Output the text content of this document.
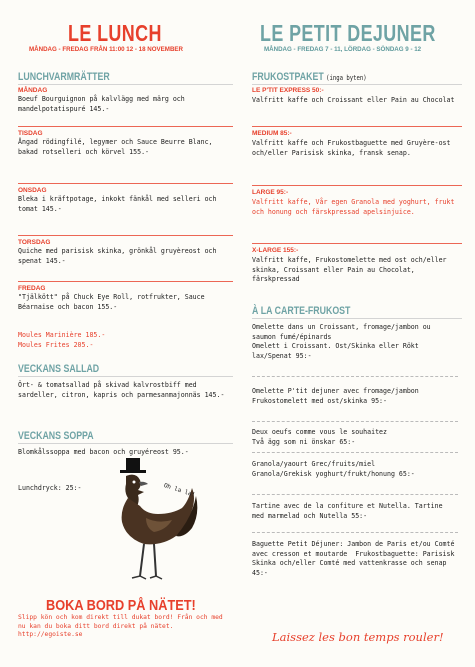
LE LUNCH
MÅNDAG - FREDAG FRÅN 11:00 12 - 18 NOVEMBER
LUNCHVARMRÄTTER
MÅNDAG
Boeuf Bourguignon på kalvlägg med märg och mandelpotatispuré 145.-
TISDAG
Ångad rödingfilé, legymer och Sauce Beurre Blanc, bakad rotselleri och körvel 155.-
ONSDAG
Bleka i kräftpotage, inkokt fänkål med selleri och tomat 145.-
TORSDAG
Quiche med parisisk skinka, grönkål gruyèreost och spenat 145.-
FREDAG
"Tjälkött" på Chuck Eye Roll, rotfrukter, Sauce Béarnaise och bacon 155.-
Moules Marinière 185.-
Moules Frites 205.-
VECKANS SALLAD
Ört- & tomatsallad på skivad kalvrostbiff med sardeller, citron, kapris och parmesanmajonnäs 145.-
VECKANS SOPPA
Blomkålssoppa med bacon och gruyéreost 95.-
Lunchdryck: 25:-	Oh la la!
BOKA BORD PÅ NÄTET!
Slipp kön och kom direkt till dukat bord! Från och med nu kan du boka ditt bord direkt på nätet. http://egoiste.se
LE PETIT DEJUNER
MÅNDAG - FREDAG 7 - 11, LÖRDAG - SÖNDAG 9 - 12
FRUKOSTPAKET (inga byten)
LE P'TIT EXPRESS 50:-
Valfritt kaffe och Croissant eller Pain au Chocolat
MEDIUM 85:-
Valfritt kaffe och Frukostbaguette med Gruyère-ost och/eller Parisisk skinka, fransk senap.
LARGE 95:-
Valfritt kaffe, Vår egen Granola med yoghurt, frukt och honung och färskpressad apelsinjuice.
X-LARGE 155:-
Valfritt kaffe, Frukostomelette med ost och/eller skinka, Croissant eller Pain au Chocolat, färskpressad
À LA CARTE-FRUKOST
Omelette dans un Croissant, fromage/jambon ou saumon fumé/épinards
Omelett i Croissant. Ost/Skinka eller Rökt lax/Spenat 95:-
Omelette P'tit dejuner avec fromage/jambon
Frukostomelett med ost/skinka 95:-
Deux oeufs comme vous le souhaitez
Två ägg som ni önskar 65:-
Granola/yaourt Grec/fruits/miel
Granola/Grekisk yoghurt/frukt/honung 65:-
Tartine avec de la confiture et Nutella. Tartine med marmelad och Nutella 55:-
Baguette Petit Déjuner: Jambon de Paris et/ou Comté avec cresson et moutarde  Frukostbaguette: Parisisk Skinka och/eller Comté med vattenkrasse och senap 45:-
Laissez les bon temps rouler!
